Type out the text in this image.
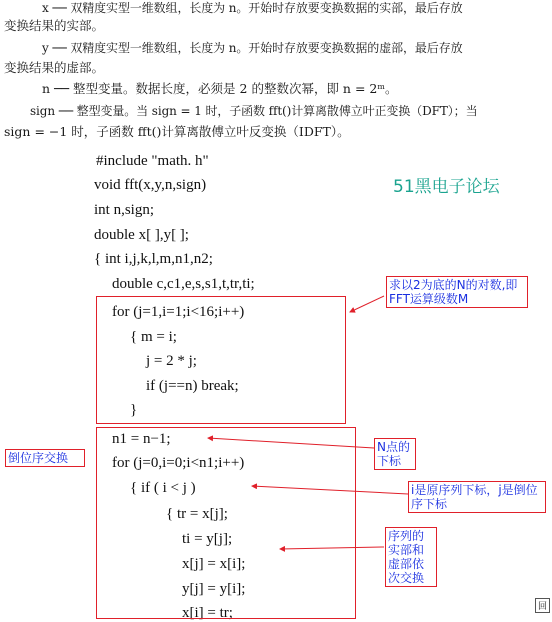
x ── 双精度实型一维数组，长度为 n。开始时存放要变换数据的实部，最后存放
变换结果的实部。
y ── 双精度实型一维数组，长度为 n。开始时存放要变换数据的虚部，最后存放
变换结果的虚部。
n ── 整型变量。数据长度，必须是 2 的整数次幂，即 n = 2ᵐ。
sign ── 整型变量。当 sign = 1 时，子函数 fft()计算离散傅立叶正变换（DFT）；当
sign = −1 时，子函数 fft()计算离散傅立叶反变换（IDFT）。
51黑电子论坛
#include "math. h"
void fft(x,y,n,sign)
int n,sign;
double x[ ],y[ ];
{ int i,j,k,l,m,n1,n2;
double c,c1,e,s,s1,t,tr,ti;
for (j=1,i=1;i<16;i++)
{ m = i;
j = 2 * j;
if (j==n) break;
}
n1 = n−1;
for (j=0,i=0;i<n1;i++)
{ if ( i < j )
{ tr = x[j];
ti = y[j];
x[j] = x[i];
y[j] = y[i];
x[i] = tr;
求以2为底的N的对数,即FFT运算级数M
倒位序交换
N点的下标
i是原序列下标，j是倒位序下标
序列的实部和虚部依次交换
回
